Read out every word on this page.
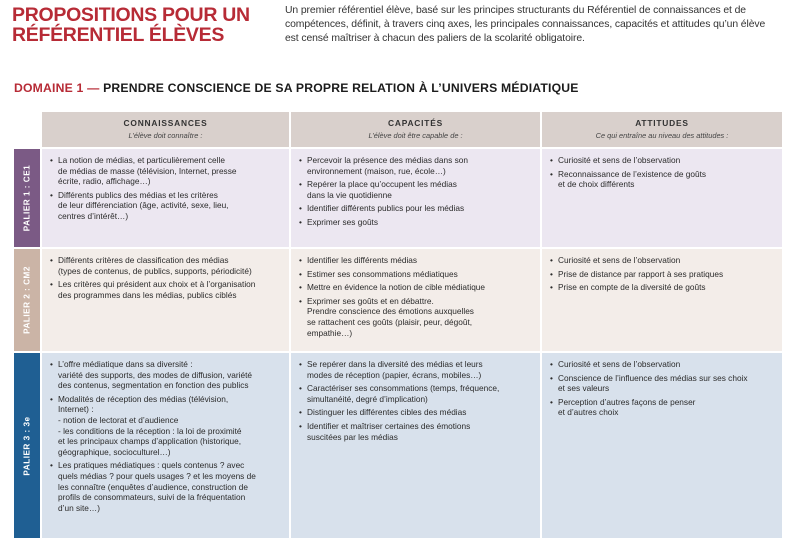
PROPOSITIONS POUR UN RÉFÉRENTIEL ÉLÈVES
Un premier référentiel élève, basé sur les principes structurants du Référentiel de connaissances et de compétences, définit, à travers cinq axes, les principales connaissances, capacités et attitudes qu’un élève est censé maîtriser à chacun des paliers de la scolarité obligatoire.
DOMAINE 1 — PRENDRE CONSCIENCE DE SA PROPRE RELATION À L’UNIVERS MÉDIATIQUE
CONNAISSANCES
L’élève doit connaître :
CAPACITÉS
L’élève doit être capable de :
ATTITUDES
Ce qui entraîne au niveau des attitudes :
PALIER 1 : CE1
• La notion de médias, et particulièrement celle
de médias de masse (télévision, Internet, presse
écrite, radio, affichage…)
• Différents publics des médias et les critères
de leur différenciation (âge, activité, sexe, lieu,
centres d’intérêt…)
• Percevoir la présence des médias dans son
environnement (maison, rue, école…)
• Repérer la place qu’occupent les médias
dans la vie quotidienne
• Identifier différents publics pour les médias
• Exprimer ses goûts
• Curiosité et sens de l’observation
• Reconnaissance de l’existence de goûts
et de choix différents
PALIER 2 : CM2
• Différents critères de classification des médias
(types de contenus, de publics, supports, périodicité)
• Les critères qui président aux choix et à l’organisation
des programmes dans les médias, publics ciblés
• Identifier les différents médias
• Estimer ses consommations médiatiques
• Mettre en évidence la notion de cible médiatique
• Exprimer ses goûts et en débattre.
Prendre conscience des émotions auxquelles
se rattachent ces goûts (plaisir, peur, dégoût,
empathie…)
• Curiosité et sens de l’observation
• Prise de distance par rapport à ses pratiques
• Prise en compte de la diversité de goûts
PALIER 3 : 3e
• L’offre médiatique dans sa diversité :
variété des supports, des modes de diffusion, variété
des contenus, segmentation en fonction des publics
• Modalités de réception des médias (télévision,
Internet) :
- notion de lectorat et d’audience
- les conditions de la réception : la loi de proximité
et les principaux champs d’application (historique,
géographique, socioculturel…)
• Les pratiques médiatiques : quels contenus ? avec
quels médias ? pour quels usages ? et les moyens de
les connaître (enquêtes d’audience, construction de
profils de consommateurs, suivi de la fréquentation
d’un site…)
• Se repérer dans la diversité des médias et leurs
modes de réception (papier, écrans, mobiles…)
• Caractériser ses consommations (temps, fréquence,
simultanéité, degré d’implication)
• Distinguer les différentes cibles des médias
• Identifier et maîtriser certaines des émotions
suscitées par les médias
• Curiosité et sens de l’observation
• Conscience de l’influence des médias sur ses choix
et ses valeurs
• Perception d’autres façons de penser
et d’autres choix
